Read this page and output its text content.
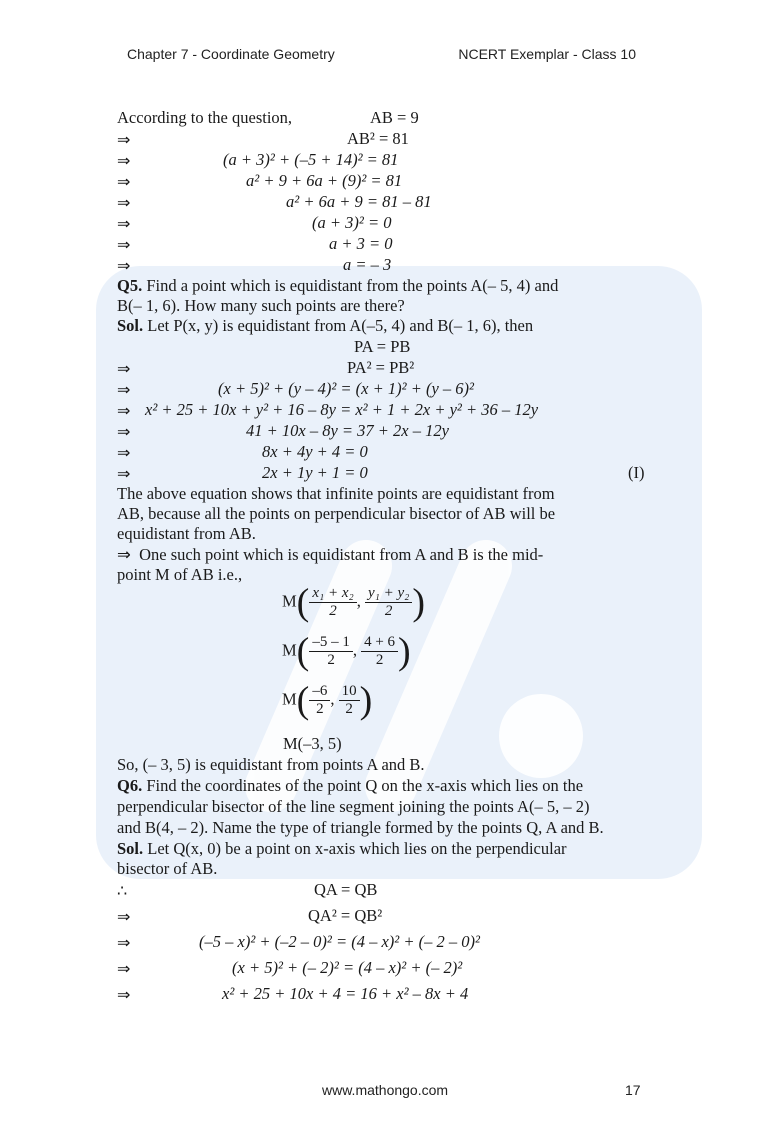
Chapter 7 - Coordinate Geometry	NCERT Exemplar - Class 10
According to the question,	AB = 9
⇒	AB² = 81
⇒	(a + 3)² + (–5 + 14)² = 81
⇒	a² + 9 + 6a + (9)² = 81
⇒	a² + 6a + 9 = 81 – 81
⇒	(a + 3)² = 0
⇒	a + 3 = 0
⇒	a = – 3
Q5. Find a point which is equidistant from the points A(– 5, 4) and
B(– 1, 6). How many such points are there?
Sol. Let P(x, y) is equidistant from A(–5, 4) and B(– 1, 6), then
PA = PB
⇒	PA² = PB²
⇒	(x + 5)² + (y – 4)² = (x + 1)² + (y – 6)²
⇒ x² + 25 + 10x + y² + 16 – 8y = x² + 1 + 2x + y² + 36 – 12y
⇒	41 + 10x – 8y = 37 + 2x – 12y
⇒	8x + 4y + 4 = 0
⇒	2x + 1y + 1 = 0	(I)
The above equation shows that infinite points are equidistant from
AB, because all the points on perpendicular bisector of AB will be
equidistant from AB.
⇒ One such point which is equidistant from A and B is the mid-
point M of AB i.e.,
$M( \frac{\text{x₁ + x₂}}{2}$ , $\frac{\text{y₁ + y₂}}{2}$ )
$M( \frac{-5 - 1}{2}$ , $\frac{4 + 6}{2}$ )
$M( \frac{-6}{2}$ , $\frac{10}{2}$ )
M(–3, 5)
So, (– 3, 5) is equidistant from points A and B.
Q6. Find the coordinates of the point Q on the x-axis which lies on the
perpendicular bisector of the line segment joining the points A(– 5, – 2)
and B(4, – 2). Name the type of triangle formed by the points Q, A and B.
Sol. Let Q(x, 0) be a point on x-axis which lies on the perpendicular
bisector of AB.
∴	QA = QB
⇒	QA² = QB²
⇒	(–5 – x)² + (–2 – 0)² = (4 – x)² + (– 2 – 0)²
⇒	(x + 5)² + (– 2)² = (4 – x)² + (– 2)²
⇒	x² + 25 + 10x + 4 = 16 + x² – 8x + 4
www.mathongo.com	17
